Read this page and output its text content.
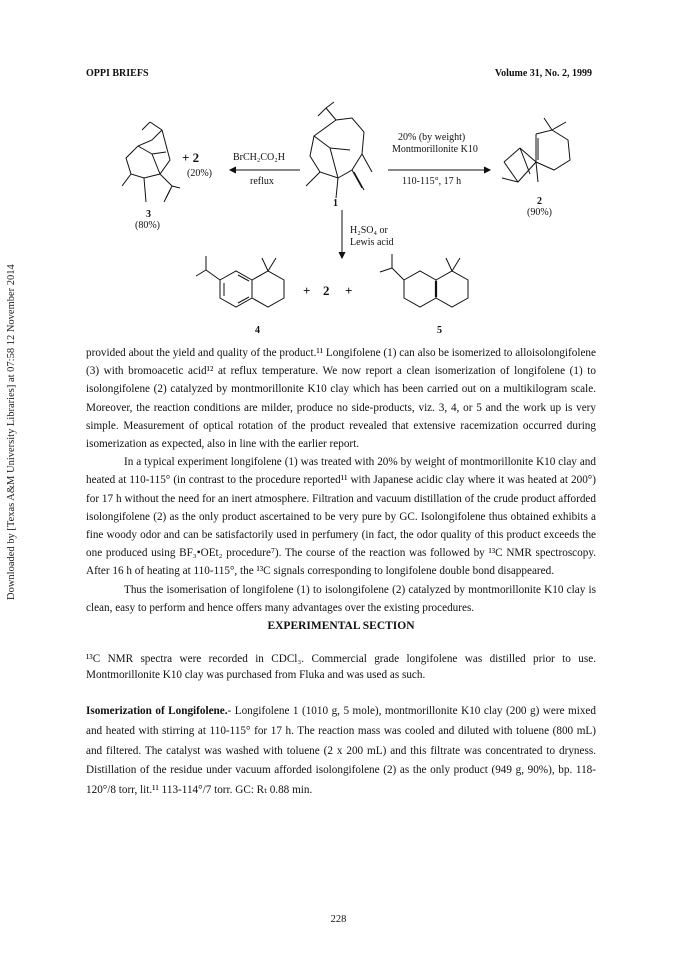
OPPI BRIEFS	Volume 31, No. 2, 1999
Downloaded by [Texas A&M University Libraries] at 07:58 12 November 2014
3
(80%)
+ 2
(20%)
BrCH₂CO₂H
reflux
1
20% (by weight)
Montmorillonite K10
110-115°, 17 h
2
(90%)
H₂SO₄ or
Lewis acid
4
+ 2 +
5

provided about the yield and quality of the product.¹¹ Longifolene (1) can also be isomerized to alloisolongifolene (3) with bromoacetic acid¹² at reflux temperature. We now report a clean isomerization of longifolene (1) to isolongifolene (2) catalyzed by montmorillonite K10 clay which has been carried out on a multikilogram scale. Moreover, the reaction conditions are milder, produce no side-products, viz. 3, 4, or 5 and the work up is very simple. Measurement of optical rotation of the product revealed that extensive racemization occurred during isomerization as expected, also in line with the earlier report.

In a typical experiment longifolene (1) was treated with 20% by weight of montmorillonite K10 clay and heated at 110-115° (in contrast to the procedure reported¹¹ with Japanese acidic clay where it was heated at 200°) for 17 h without the need for an inert atmosphere. Filtration and vacuum distillation of the crude product afforded isolongifolene (2) as the only product ascertained to be very pure by GC. Isolongifolene thus obtained exhibits a fine woody odor and can be satisfactorily used in perfumery (in fact, the odor quality of this product exceeds the one produced using BF₃•OEt₂ procedure⁷). The course of the reaction was followed by ¹³C NMR spectroscopy. After 16 h of heating at 110-115°, the ¹³C signals corresponding to longifolene double bond disappeared.

Thus the isomerisation of longifolene (1) to isolongifolene (2) catalyzed by montmorillonite K10 clay is clean, easy to perform and hence offers many advantages over the existing procedures.

EXPERIMENTAL SECTION

¹³C NMR spectra were recorded in CDCl₃. Commercial grade longifolene was distilled prior to use. Montmorillonite K10 clay was purchased from Fluka and was used as such.

Isomerization of Longifolene.- Longifolene 1 (1010 g, 5 mole), montmorillonite K10 clay (200 g) were mixed and heated with stirring at 110-115° for 17 h. The reaction mass was cooled and diluted with toluene (800 mL) and filtered. The catalyst was washed with toluene (2 x 200 mL) and this filtrate was concentrated to dryness. Distillation of the residue under vacuum afforded isolongifolene (2) as the only product (949 g, 90%), bp. 118-120°/8 torr, lit.¹¹ 113-114°/7 torr. GC: Rₜ 0.88 min.

228
